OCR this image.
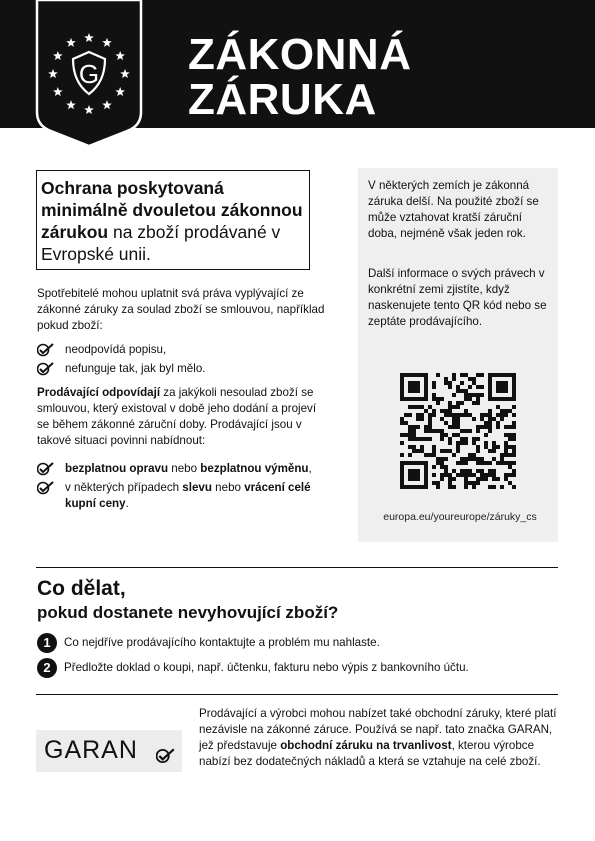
G ZÁKONNÁ
ZÁRUKA
Ochrana poskytovaná minimálně dvouletou zákonnou zárukou na zboží prodávané v Evropské unii.
Spotřebitelé mohou uplatnit svá práva vyplývající ze zákonné záruky za soulad zboží se smlouvou, například pokud zboží:
neodpovídá popisu,
nefunguje tak, jak byl mělo.
Prodávající odpovídají za jakýkoli nesoulad zboží se smlouvou, který existoval v době jeho dodání a projeví se během zákonné záruční doby. Prodávající jsou v takové situaci povinni nabídnout:
bezplatnou opravu nebo bezplatnou výměnu,
v některých případech slevu nebo vrácení celé kupní ceny.

V některých zemích je zákonná záruka delší. Na použité zboží se může vztahovat kratší záruční doba, nejméně však jeden rok.

Další informace o svých právech v konkrétní zemi zjistíte, když naskenujete tento QR kód nebo se zeptáte prodávajícího.

europa.eu/youreurope/záruky_cs
Co dělat,
pokud dostanete nevyhovující zboží?
1	Co nejdříve prodávajícího kontaktujte a problém mu nahlaste.
2	Předložte doklad o koupi, např. účtenku, fakturu nebo výpis z bankovního účtu.
GARAN
Prodávající a výrobci mohou nabízet také obchodní záruky, které platí nezávisle na zákonné záruce. Používá se např. tato značka GARAN, jež představuje obchodní záruku na trvanlivost, kterou výrobce nabízí bez dodatečných nákladů a která se vztahuje na celé zboží.
